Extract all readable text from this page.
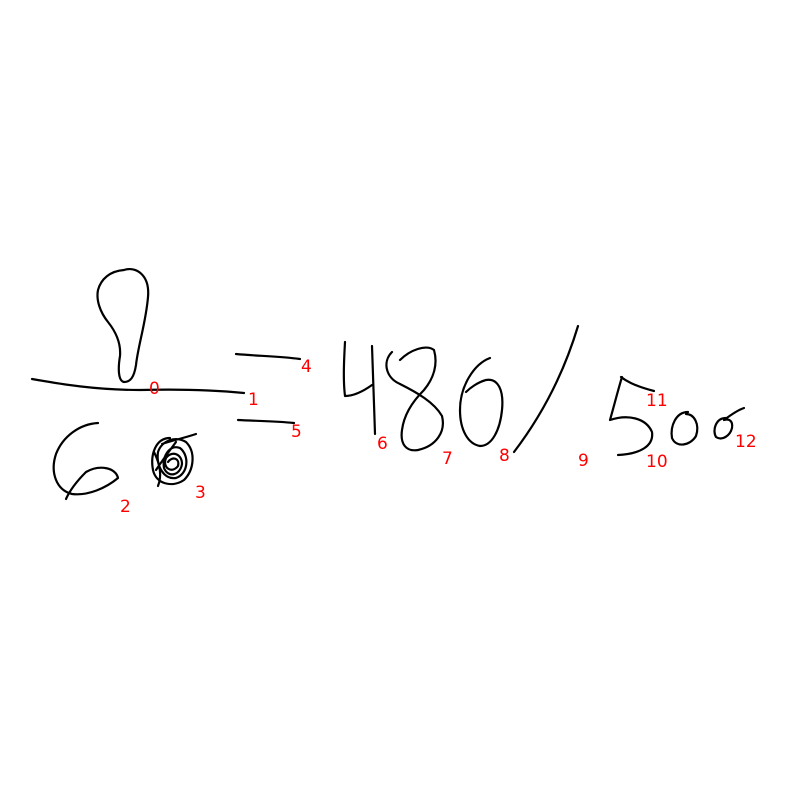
0
1
2
3
4
5
6
7	8	9	10
11
12
